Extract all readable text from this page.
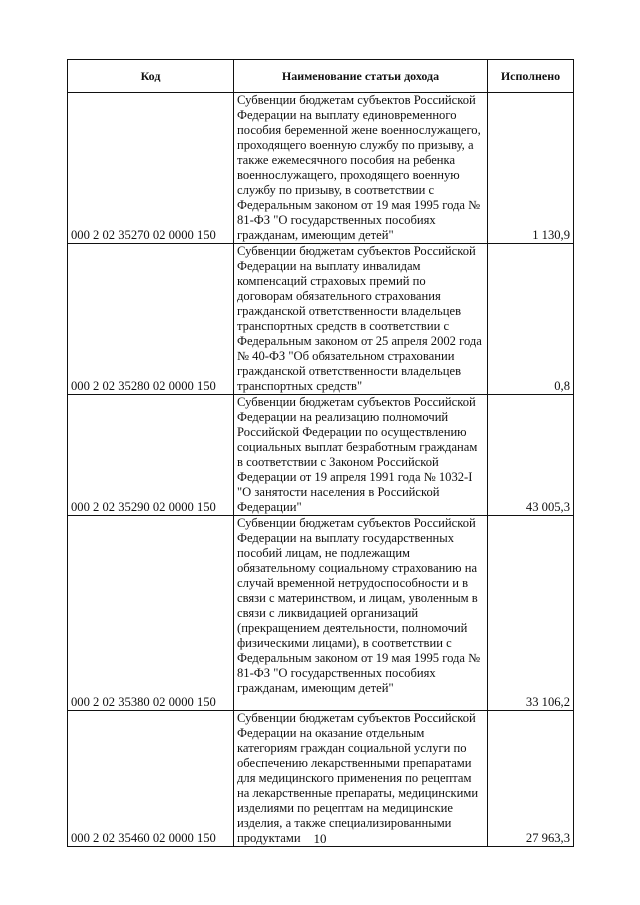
Код	Наименование статьи дохода	Исполнено
000 2 02 35270 02 0000 150	Субвенции бюджетам субъектов Российской Федерации на выплату единовременного пособия беременной жене военнослужащего, проходящего военную службу по призыву, а также ежемесячного пособия на ребенка военнослужащего, проходящего военную службу по призыву, в соответствии с Федеральным законом от 19 мая 1995 года № 81-ФЗ "О государственных пособиях гражданам, имеющим детей"	1 130,9
000 2 02 35280 02 0000 150	Субвенции бюджетам субъектов Российской Федерации на выплату инвалидам компенсаций страховых премий по договорам обязательного страхования гражданской ответственности владельцев транспортных средств в соответствии с Федеральным законом от 25 апреля 2002 года № 40-ФЗ "Об обязательном страховании гражданской ответственности владельцев транспортных средств"	0,8
000 2 02 35290 02 0000 150	Субвенции бюджетам субъектов Российской Федерации на реализацию полномочий Российской Федерации по осуществлению социальных выплат безработным гражданам в соответствии с Законом Российской Федерации от 19 апреля 1991 года № 1032-I "О занятости населения в Российской Федерации"	43 005,3
000 2 02 35380 02 0000 150	Субвенции бюджетам субъектов Российской Федерации на выплату государственных пособий лицам, не подлежащим обязательному социальному страхованию на случай временной нетрудоспособности и в связи с материнством, и лицам, уволенным в связи с ликвидацией организаций (прекращением деятельности, полномочий физическими лицами), в соответствии с Федеральным законом от 19 мая 1995 года № 81-ФЗ "О государственных пособиях гражданам, имеющим детей"	33 106,2
000 2 02 35460 02 0000 150	Субвенции бюджетам субъектов Российской Федерации на оказание отдельным категориям граждан социальной услуги по обеспечению лекарственными препаратами для медицинского применения по рецептам на лекарственные препараты, медицинскими изделиями по рецептам на медицинские изделия, а также специализированными продуктами	27 963,3
10
